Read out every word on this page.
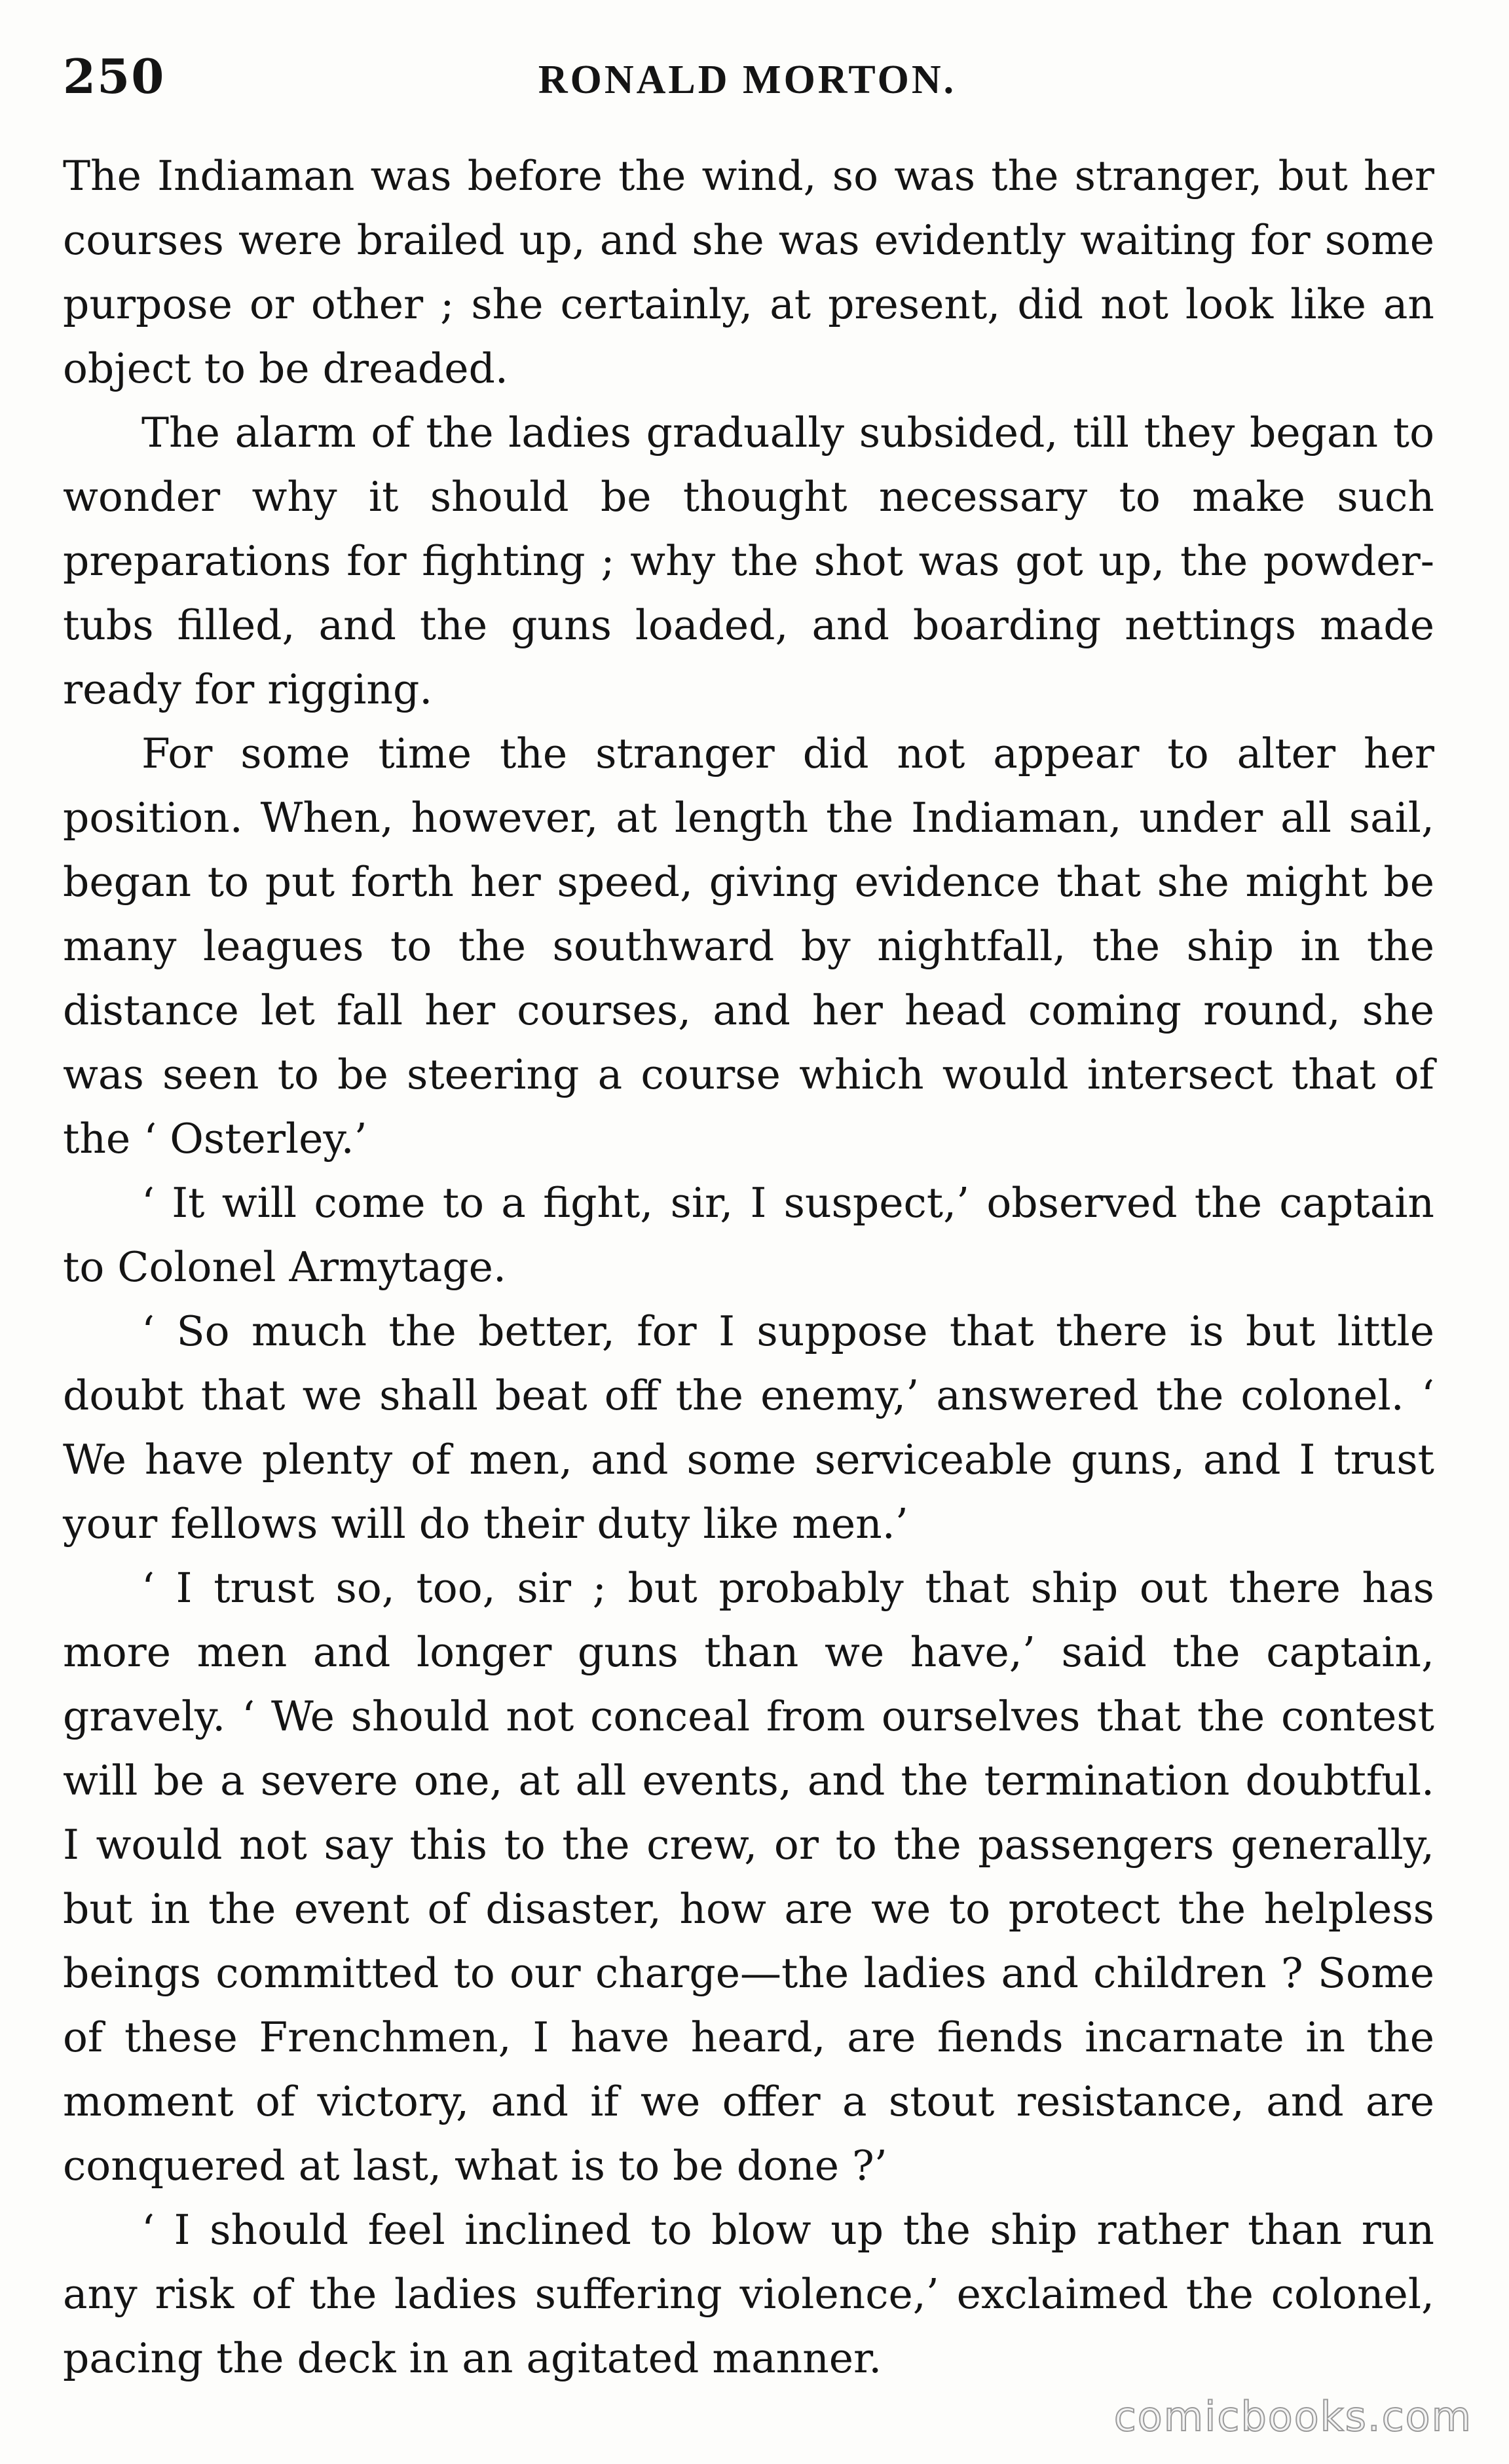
250	RONALD MORTON.

The Indiaman was before the wind, so was the stranger, but her courses were brailed up, and she was evidently waiting for some purpose or other ; she certainly, at present, did not look like an object to be dreaded.

The alarm of the ladies gradually subsided, till they began to wonder why it should be thought necessary to make such preparations for fighting ; why the shot was got up, the powder-tubs filled, and the guns loaded, and boarding nettings made ready for rigging.

For some time the stranger did not appear to alter her position. When, however, at length the Indiaman, under all sail, began to put forth her speed, giving evidence that she might be many leagues to the southward by nightfall, the ship in the distance let fall her courses, and her head coming round, she was seen to be steering a course which would intersect that of the ‘ Osterley.’

‘ It will come to a fight, sir, I suspect,’ observed the captain to Colonel Armytage.

‘ So much the better, for I suppose that there is but little doubt that we shall beat off the enemy,’ answered the colonel. ‘ We have plenty of men, and some serviceable guns, and I trust your fellows will do their duty like men.’

‘ I trust so, too, sir ; but probably that ship out there has more men and longer guns than we have,’ said the captain, gravely. ‘ We should not conceal from ourselves that the contest will be a severe one, at all events, and the termination doubtful. I would not say this to the crew, or to the passengers generally, but in the event of disaster, how are we to protect the helpless beings committed to our charge—the ladies and children ? Some of these Frenchmen, I have heard, are fiends incarnate in the moment of victory, and if we offer a stout resistance, and are conquered at last, what is to be done ?’

‘ I should feel inclined to blow up the ship rather than run any risk of the ladies suffering violence,’ exclaimed the colonel, pacing the deck in an agitated manner.

comicbooks.com
